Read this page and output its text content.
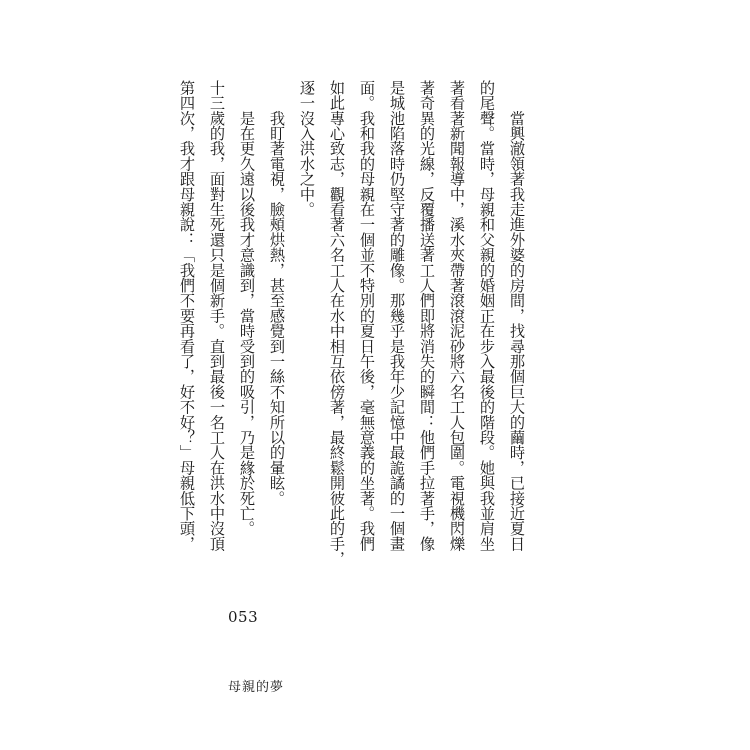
　　當興澈領著我走進外婆的房間，找尋那個巨大的繭時，已接近夏日

的尾聲。當時，母親和父親的婚姻正在步入最後的階段。她與我並肩坐

著看著新聞報導中，溪水夾帶著滾滾泥砂將六名工人包圍。電視機閃爍

著奇異的光線，反覆播送著工人們即將消失的瞬間：他們手拉著手，像

是城池陷落時仍堅守著的雕像。那幾乎是我年少記憶中最詭譎的一個畫

面。我和我的母親在一個並不特別的夏日午後，毫無意義的坐著。我們

如此專心致志，觀看著六名工人在水中相互依傍著，最終鬆開彼此的手，

逐一沒入洪水之中。

　　我盯著電視，臉頰烘熱，甚至感覺到一絲不知所以的暈眩。

　　是在更久遠以後我才意識到，當時受到的吸引，乃是緣於死亡。

十三歲的我，面對生死還只是個新手。直到最後一名工人在洪水中沒頂

第四次，我才跟母親說：「我們不要再看了，好不好？」母親低下頭，

053
母親的夢
